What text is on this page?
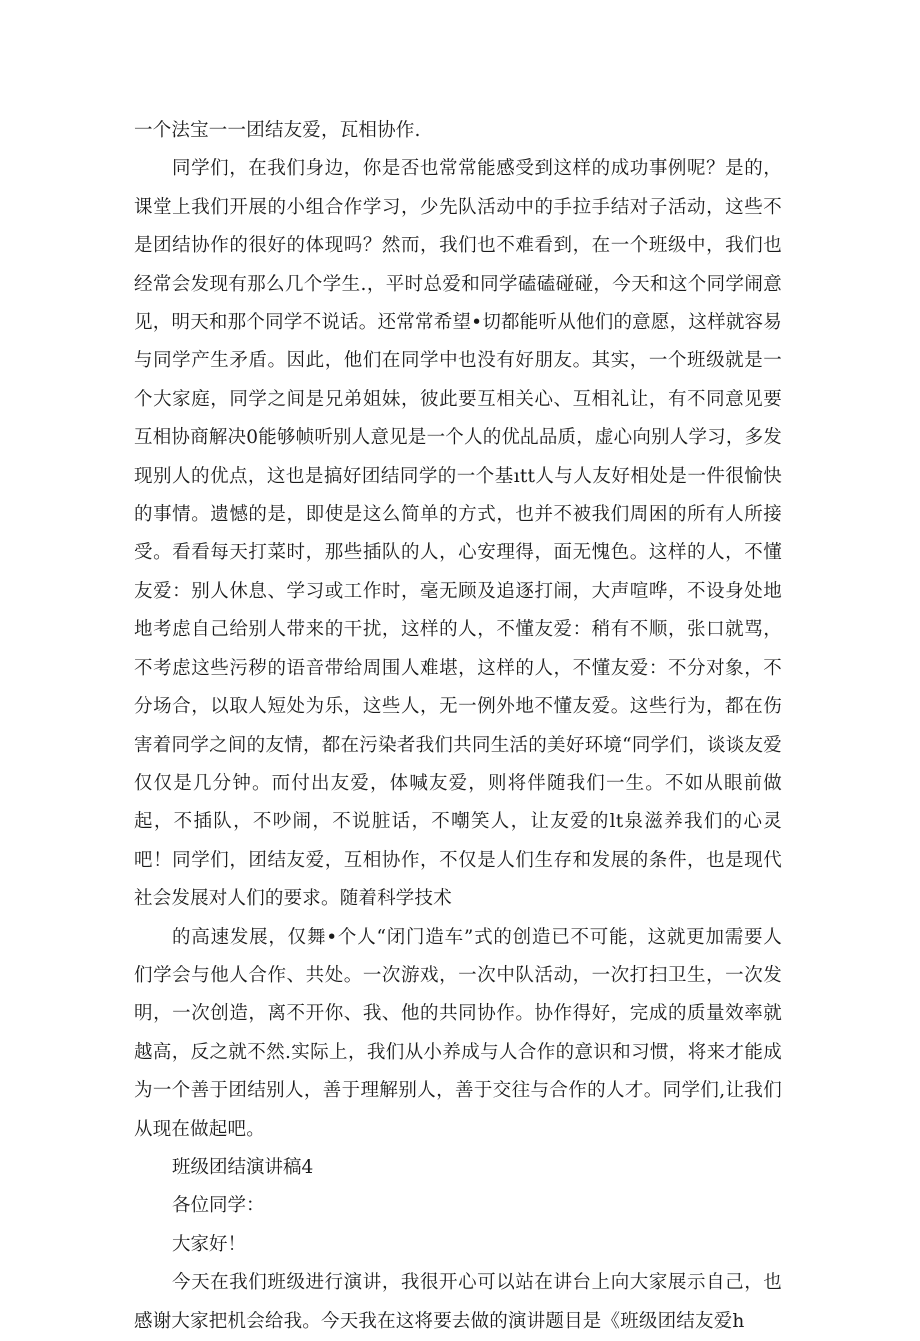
一个法宝一一团结友爱，瓦相协作.

同学们，在我们身边，你是否也常常能感受到这样的成功事例呢？是的，课堂上我们开展的小组合作学习，少先队活动中的手拉手结对子活动，这些不是团结协作的很好的体现吗？然而，我们也不难看到，在一个班级中，我们也经常会发现有那么几个学生.，平时总爱和同学磕磕碰碰，今天和这个同学闹意见，明天和那个同学不说话。还常常希望•切都能听从他们的意愿，这样就容易与同学产生矛盾。因此，他们在同学中也没有好朋友。其实，一个班级就是一个大家庭，同学之间是兄弟姐妹，彼此要互相关心、互相礼让，有不同意见要互相协商解决0能够帧听别人意见是一个人的优乩品质，虚心向别人学习，多发现别人的优点，这也是搞好团结同学的一个基ıtt人与人友好相处是一件很愉快的事情。遗憾的是，即使是这么简单的方式，也并不被我们周困的所有人所接受。看看每天打菜时，那些插队的人，心安理得，面无愧色。这样的人，不懂友爱：别人休息、学习或工作时，毫无顾及追逐打闹，大声喧哗，不设身处地地考虑自己给别人带来的干扰，这样的人，不懂友爱：稍有不顺，张口就骂，不考虑这些污秽的语音带给周围人难堪，这样的人，不懂友爱：不分对象，不分场合，以取人短处为乐，这些人，无一例外地不懂友爱。这些行为，都在伤害着同学之间的友情，都在污染者我们共同生活的美好环境“同学们，谈谈友爱仅仅是几分钟。而付出友爱，体喊友爱，则将伴随我们一生。不如从眼前做起，不插队，不吵闹，不说脏话，不嘲笑人，让友爱的lt泉滋养我们的心灵吧！同学们，团结友爱，互相协作，不仅是人们生存和发展的条件，也是现代社会发展对人们的要求。随着科学技术

的高速发展，仅舞•个人“闭门造车”式的创造已不可能，这就更加需要人们学会与他人合作、共处。一次游戏，一次中队活动，一次打扫卫生，一次发明，一次创造，离不开你、我、他的共同协作。协作得好，完成的质量效率就越高，反之就不然.实际上，我们从小养成与人合作的意识和习惯，将来才能成为一个善于团结别人，善于理解别人，善于交往与合作的人才。同学们,让我们从现在做起吧。

班级团结演讲稿4

各位同学：

大家好！

今天在我们班级进行演讲，我很开心可以站在讲台上向大家展示自己，也感谢大家把机会给我。今天我在这将要去做的演讲题目是《班级团结友爱h
